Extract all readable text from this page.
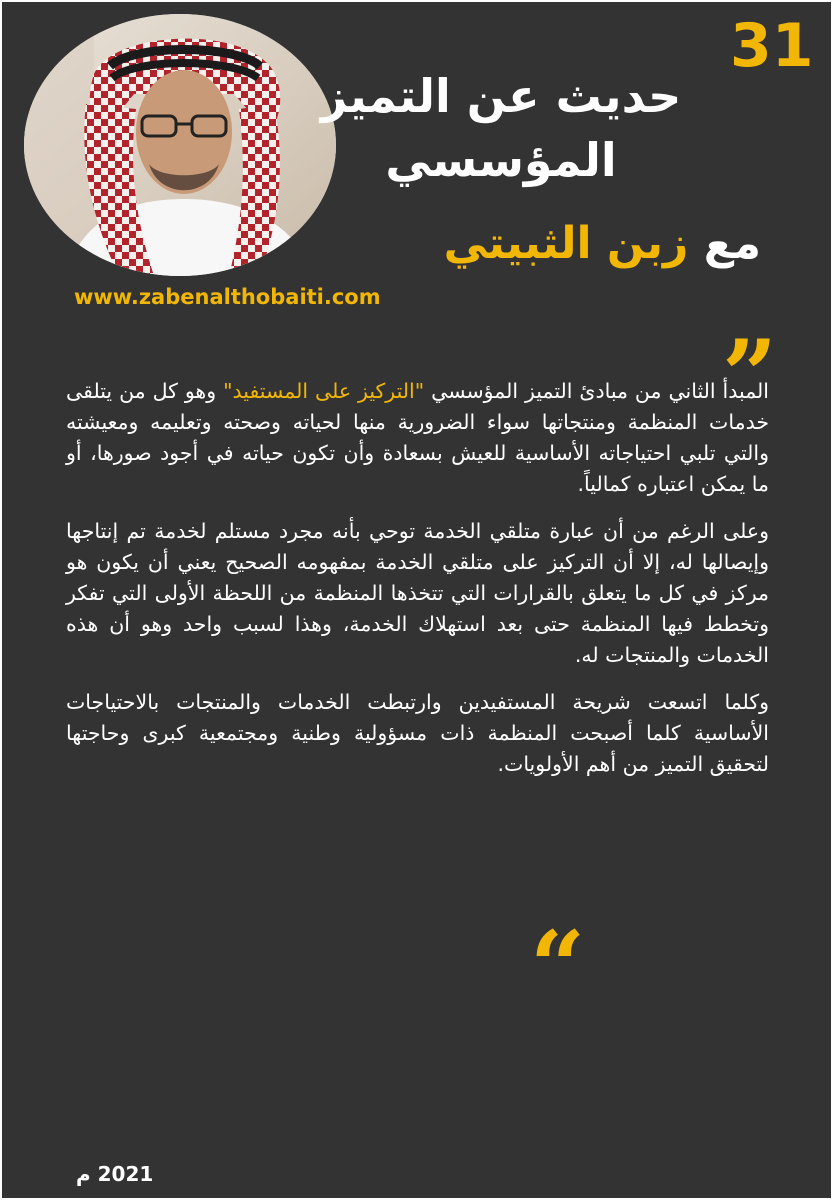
31
حديث عن التميز المؤسسي
مع زبن الثبيتي
www.zabenalthobaiti.com
”

المبدأ الثاني من مبادئ التميز المؤسسي "التركيز على المستفيد" وهو كل من يتلقى خدمات المنظمة ومنتجاتها سواء الضرورية منها لحياته وصحته وتعليمه ومعيشته والتي تلبي احتياجاته الأساسية للعيش بسعادة وأن تكون حياته في أجود صورها، أو ما يمكن اعتباره كمالياً.

وعلى الرغم من أن عبارة متلقي الخدمة توحي بأنه مجرد مستلم لخدمة تم إنتاجها وإيصالها له، إلا أن التركيز على متلقي الخدمة بمفهومه الصحيح يعني أن يكون هو مركز في كل ما يتعلق بالقرارات التي تتخذها المنظمة من اللحظة الأولى التي تفكر وتخطط فيها المنظمة حتى بعد استهلاك الخدمة، وهذا لسبب واحد وهو أن هذه الخدمات والمنتجات له.

وكلما اتسعت شريحة المستفيدين وارتبطت الخدمات والمنتجات بالاحتياجات الأساسية كلما أصبحت المنظمة ذات مسؤولية وطنية ومجتمعية كبرى وحاجتها لتحقيق التميز من أهم الأولويات.

“
2021 م
